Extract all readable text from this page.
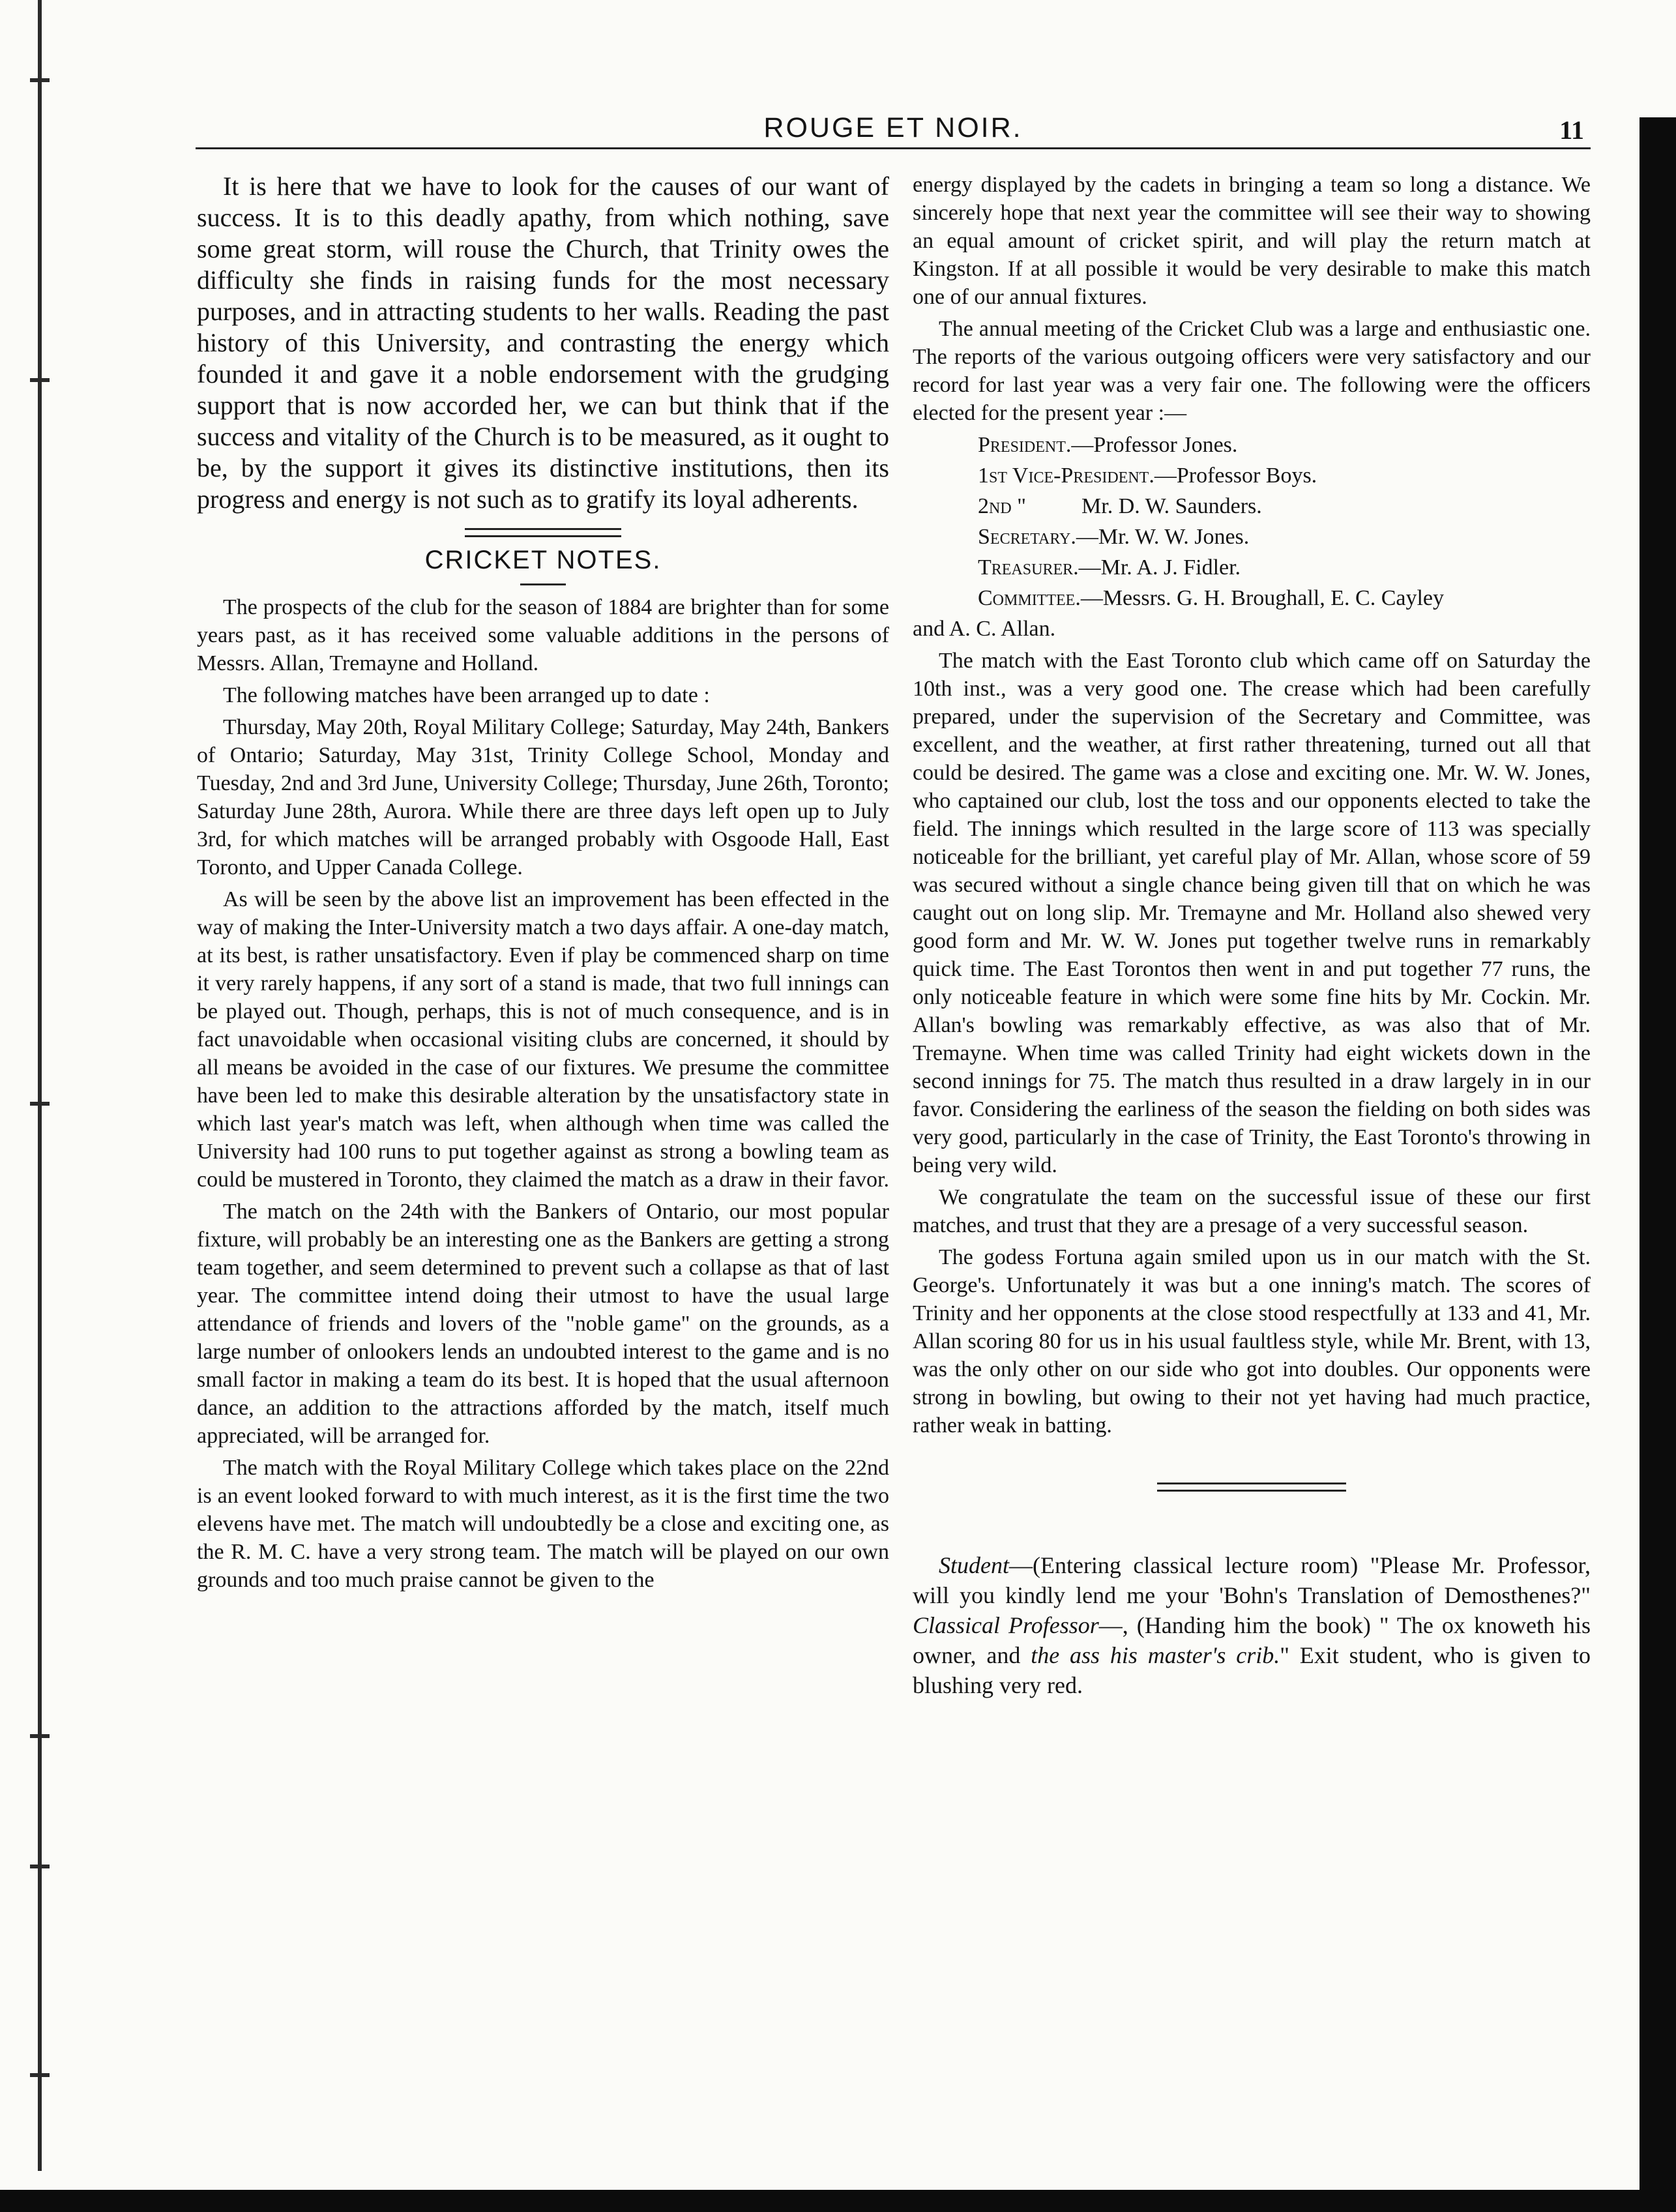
ROUGE ET NOIR.	11

It is here that we have to look for the causes of our want of success. It is to this deadly apathy, from which nothing, save some great storm, will rouse the Church, that Trinity owes the difficulty she finds in raising funds for the most necessary purposes, and in attracting students to her walls. Reading the past history of this University, and contrasting the energy which founded it and gave it a noble endorsement with the grudging support that is now accorded her, we can but think that if the success and vitality of the Church is to be measured, as it ought to be, by the support it gives its distinctive institutions, then its progress and energy is not such as to gratify its loyal adherents.

CRICKET NOTES.

The prospects of the club for the season of 1884 are brighter than for some years past, as it has received some valuable additions in the persons of Messrs. Allan, Tremayne and Holland.

The following matches have been arranged up to date :

Thursday, May 20th, Royal Military College; Saturday, May 24th, Bankers of Ontario; Saturday, May 31st, Trinity College School, Monday and Tuesday, 2nd and 3rd June, University College; Thursday, June 26th, Toronto; Saturday June 28th, Aurora. While there are three days left open up to July 3rd, for which matches will be arranged probably with Osgoode Hall, East Toronto, and Upper Canada College.

As will be seen by the above list an improvement has been effected in the way of making the Inter-University match a two days affair. A one-day match, at its best, is rather unsatisfactory. Even if play be commenced sharp on time it very rarely happens, if any sort of a stand is made, that two full innings can be played out. Though, perhaps, this is not of much consequence, and is in fact unavoidable when occasional visiting clubs are concerned, it should by all means be avoided in the case of our fixtures. We presume the committee have been led to make this desirable alteration by the unsatisfactory state in which last year's match was left, when although when time was called the University had 100 runs to put together against as strong a bowling team as could be mustered in Toronto, they claimed the match as a draw in their favor.

The match on the 24th with the Bankers of Ontario, our most popular fixture, will probably be an interesting one as the Bankers are getting a strong team together, and seem determined to prevent such a collapse as that of last year. The committee intend doing their utmost to have the usual large attendance of friends and lovers of the "noble game" on the grounds, as a large number of onlookers lends an undoubted interest to the game and is no small factor in making a team do its best. It is hoped that the usual afternoon dance, an addition to the attractions afforded by the match, itself much appreciated, will be arranged for.

The match with the Royal Military College which takes place on the 22nd is an event looked forward to with much interest, as it is the first time the two elevens have met. The match will undoubtedly be a close and exciting one, as the R. M. C. have a very strong team. The match will be played on our own grounds and too much praise cannot be given to the

energy displayed by the cadets in bringing a team so long a distance. We sincerely hope that next year the committee will see their way to showing an equal amount of cricket spirit, and will play the return match at Kingston. If at all possible it would be very desirable to make this match one of our annual fixtures.

The annual meeting of the Cricket Club was a large and enthusiastic one. The reports of the various outgoing officers were very satisfactory and our record for last year was a very fair one. The following were the officers elected for the present year :—

President.—Professor Jones.
1st Vice-President.—Professor Boys.
2nd "          Mr. D. W. Saunders.
Secretary.—Mr. W. W. Jones.
Treasurer.—Mr. A. J. Fidler.
Committee.—Messrs. G. H. Broughall, E. C. Cayley

and A. C. Allan.

The match with the East Toronto club which came off on Saturday the 10th inst., was a very good one. The crease which had been carefully prepared, under the supervision of the Secretary and Committee, was excellent, and the weather, at first rather threatening, turned out all that could be desired. The game was a close and exciting one. Mr. W. W. Jones, who captained our club, lost the toss and our opponents elected to take the field. The innings which resulted in the large score of 113 was specially noticeable for the brilliant, yet careful play of Mr. Allan, whose score of 59 was secured without a single chance being given till that on which he was caught out on long slip. Mr. Tremayne and Mr. Holland also shewed very good form and Mr. W. W. Jones put together twelve runs in remarkably quick time. The East Torontos then went in and put together 77 runs, the only noticeable feature in which were some fine hits by Mr. Cockin. Mr. Allan's bowling was remarkably effective, as was also that of Mr. Tremayne. When time was called Trinity had eight wickets down in the second innings for 75. The match thus resulted in a draw largely in in our favor. Considering the earliness of the season the fielding on both sides was very good, particularly in the case of Trinity, the East Toronto's throwing in being very wild.

We congratulate the team on the successful issue of these our first matches, and trust that they are a presage of a very successful season.

The godess Fortuna again smiled upon us in our match with the St. George's. Unfortunately it was but a one inning's match. The scores of Trinity and her opponents at the close stood respectfully at 133 and 41, Mr. Allan scoring 80 for us in his usual faultless style, while Mr. Brent, with 13, was the only other on our side who got into doubles. Our opponents were strong in bowling, but owing to their not yet having had much practice, rather weak in batting.

Student—(Entering classical lecture room) "Please Mr. Professor, will you kindly lend me your 'Bohn's Translation of Demosthenes?" Classical Professor—, (Handing him the book) " The ox knoweth his owner, and the ass his master's crib." Exit student, who is given to blushing very red.
